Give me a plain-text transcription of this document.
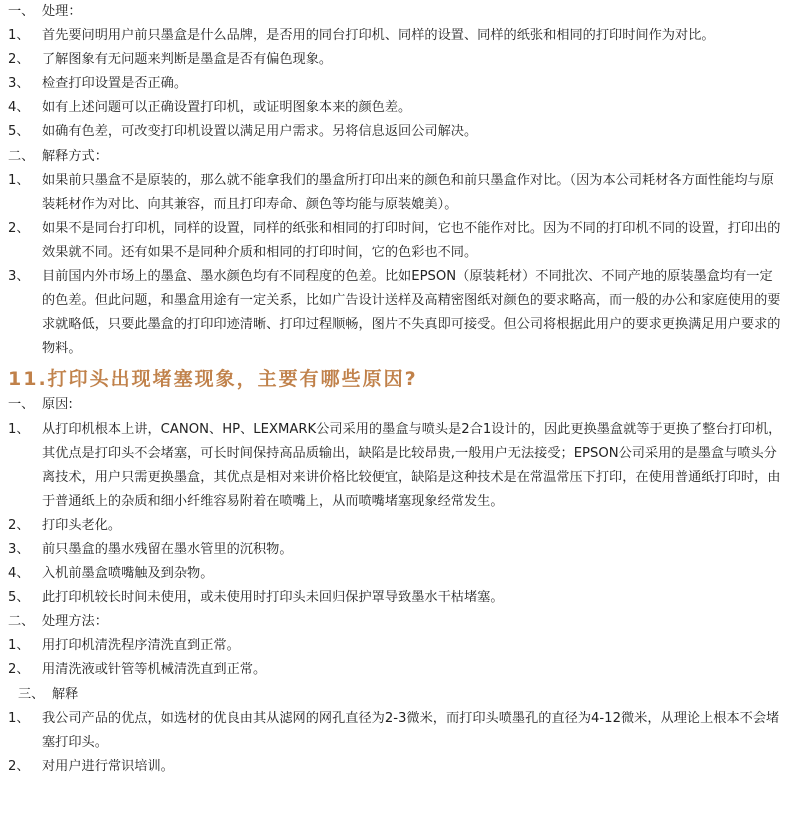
一、 处理：
1、 首先要问明用户前只墨盒是什么品牌，是否用的同台打印机、同样的设置、同样的纸张和相同的打印时间作为对比。
2、 了解图象有无问题来判断是墨盒是否有偏色现象。
3、 检查打印设置是否正确。
4、 如有上述问题可以正确设置打印机，或证明图象本来的颜色差。
5、 如确有色差，可改变打印机设置以满足用户需求。另将信息返回公司解决。
二、 解释方式：
1、 如果前只墨盒不是原装的，那么就不能拿我们的墨盒所打印出来的颜色和前只墨盒作对比。（因为本公司耗材各方面性能均与原装耗材作为对比、向其兼容，而且打印寿命、颜色等均能与原装媲美）。
2、 如果不是同台打印机，同样的设置，同样的纸张和相同的打印时间，它也不能作对比。因为不同的打印机不同的设置，打印出的效果就不同。还有如果不是同种介质和相同的打印时间，它的色彩也不同。
3、 目前国内外市场上的墨盒、墨水颜色均有不同程度的色差。比如EPSON（原装耗材）不同批次、不同产地的原装墨盒均有一定的色差。但此问题，和墨盒用途有一定关系，比如广告设计送样及高精密图纸对颜色的要求略高，而一般的办公和家庭使用的要求就略低，只要此墨盒的打印印迹清晰、打印过程顺畅，图片不失真即可接受。但公司将根据此用户的要求更换满足用户要求的物料。
11.打印头出现堵塞现象，主要有哪些原因?
一、 原因:
1、 从打印机根本上讲，CANON、HP、LEXMARK公司采用的墨盒与喷头是2合1设计的，因此更换墨盒就等于更换了整台打印机，其优点是打印头不会堵塞，可长时间保持高品质输出，缺陷是比较昂贵,一般用户无法接受；EPSON公司采用的是墨盒与喷头分离技术，用户只需更换墨盒，其优点是相对来讲价格比较便宜，缺陷是这种技术是在常温常压下打印，在使用普通纸打印时，由于普通纸上的杂质和细小纤维容易附着在喷嘴上，从而喷嘴堵塞现象经常发生。
2、 打印头老化。
3、 前只墨盒的墨水残留在墨水管里的沉积物。
4、 入机前墨盒喷嘴触及到杂物。
5、 此打印机较长时间未使用，或未使用时打印头未回归保护罩导致墨水干枯堵塞。
二、 处理方法：
1、 用打印机清洗程序清洗直到正常。
2、 用清洗液或针管等机械清洗直到正常。
三、 解释
1、 我公司产品的优点，如选材的优良由其从滤网的网孔直径为2-3微米，而打印头喷墨孔的直径为4-12微米，从理论上根本不会堵塞打印头。
2、 对用户进行常识培训。
